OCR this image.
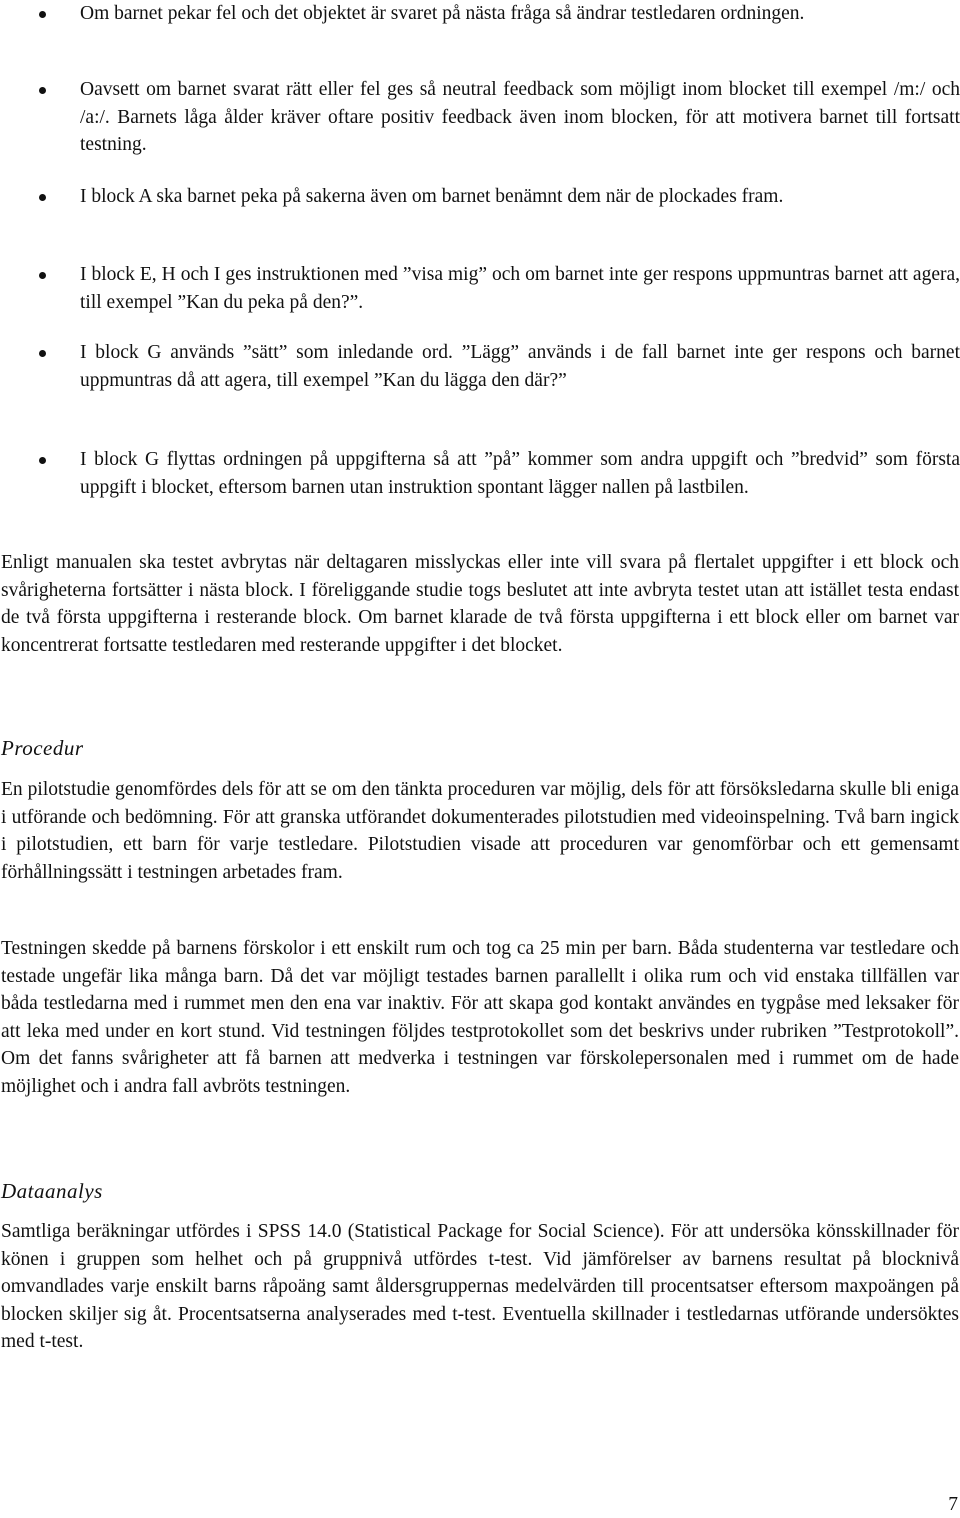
Om barnet pekar fel och det objektet är svaret på nästa fråga så ändrar testledaren ordningen.
Oavsett om barnet svarat rätt eller fel ges så neutral feedback som möjligt inom blocket till exempel /m:/ och /a:/. Barnets låga ålder kräver oftare positiv feedback även inom blocken, för att motivera barnet till fortsatt testning.
I block A ska barnet peka på sakerna även om barnet benämnt dem när de plockades fram.
I block E, H och I ges instruktionen med ”visa mig” och om barnet inte ger respons uppmuntras barnet att agera, till exempel ”Kan du peka på den?”.
I block G används ”sätt” som inledande ord. ”Lägg” används i de fall barnet inte ger respons och barnet uppmuntras då att agera, till exempel ”Kan du lägga den där?”
I block G flyttas ordningen på uppgifterna så att ”på” kommer som andra uppgift och ”bredvid” som första uppgift i blocket, eftersom barnen utan instruktion spontant lägger nallen på lastbilen.

Enligt manualen ska testet avbrytas när deltagaren misslyckas eller inte vill svara på flertalet uppgifter i ett block och svårigheterna fortsätter i nästa block. I föreliggande studie togs beslutet att inte avbryta testet utan att istället testa endast de två första uppgifterna i resterande block. Om barnet klarade de två första uppgifterna i ett block eller om barnet var koncentrerat fortsatte testledaren med resterande uppgifter i det blocket.

Procedur

En pilotstudie genomfördes dels för att se om den tänkta proceduren var möjlig, dels för att försöksledarna skulle bli eniga i utförande och bedömning. För att granska utförandet dokumenterades pilotstudien med videoinspelning. Två barn ingick i pilotstudien, ett barn för varje testledare. Pilotstudien visade att proceduren var genomförbar och ett gemensamt förhållningssätt i testningen arbetades fram.

Testningen skedde på barnens förskolor i ett enskilt rum och tog ca 25 min per barn. Båda studenterna var testledare och testade ungefär lika många barn. Då det var möjligt testades barnen parallellt i olika rum och vid enstaka tillfällen var båda testledarna med i rummet men den ena var inaktiv. För att skapa god kontakt användes en tygpåse med leksaker för att leka med under en kort stund. Vid testningen följdes testprotokollet som det beskrivs under rubriken ”Testprotokoll”. Om det fanns svårigheter att få barnen att medverka i testningen var förskolepersonalen med i rummet om de hade möjlighet och i andra fall avbröts testningen.

Dataanalys

Samtliga beräkningar utfördes i SPSS 14.0 (Statistical Package for Social Science). För att undersöka könsskillnader för könen i gruppen som helhet och på gruppnivå utfördes t-test. Vid jämförelser av barnens resultat på blocknivå omvandlades varje enskilt barns råpoäng samt åldersgruppernas medelvärden till procentsatser eftersom maxpoängen på blocken skiljer sig åt. Procentsatserna analyserades med t-test. Eventuella skillnader i testledarnas utförande undersöktes med t-test.

7
